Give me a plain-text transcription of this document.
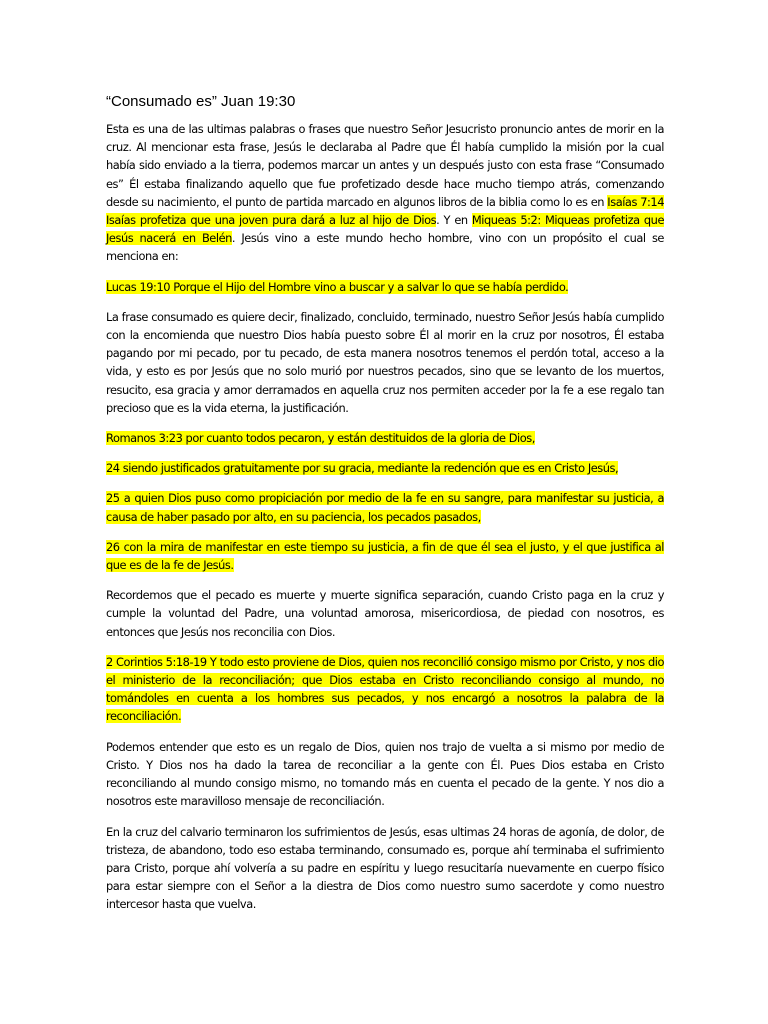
“Consumado es” Juan 19:30

Esta es una de las ultimas palabras o frases que nuestro Señor Jesucristo pronuncio antes de morir en la cruz. Al mencionar esta frase, Jesús le declaraba al Padre que Él había cumplido la misión por la cual había sido enviado a la tierra, podemos marcar un antes y un después justo con esta frase “Consumado es” Él estaba finalizando aquello que fue profetizado desde hace mucho tiempo atrás, comenzando desde su nacimiento, el punto de partida marcado en algunos libros de la biblia como lo es en Isaías 7:14 Isaías profetiza que una joven pura dará a luz al hijo de Dios. Y en Miqueas 5:2: Miqueas profetiza que Jesús nacerá en Belén. Jesús vino a este mundo hecho hombre, vino con un propósito el cual se menciona en:

Lucas 19:10 Porque el Hijo del Hombre vino a buscar y a salvar lo que se había perdido.

La frase consumado es quiere decir, finalizado, concluido, terminado, nuestro Señor Jesús había cumplido con la encomienda que nuestro Dios había puesto sobre Él al morir en la cruz por nosotros, Él estaba pagando por mi pecado, por tu pecado, de esta manera nosotros tenemos el perdón total, acceso a la vida, y esto es por Jesús que no solo murió por nuestros pecados, sino que se levanto de los muertos, resucito, esa gracia y amor derramados en aquella cruz nos permiten acceder por la fe a ese regalo tan precioso que es la vida eterna, la justificación.

Romanos 3:23 por cuanto todos pecaron, y están destituidos de la gloria de Dios,

24 siendo justificados gratuitamente por su gracia, mediante la redención que es en Cristo Jesús,

25 a quien Dios puso como propiciación por medio de la fe en su sangre, para manifestar su justicia, a causa de haber pasado por alto, en su paciencia, los pecados pasados,

26 con la mira de manifestar en este tiempo su justicia, a fin de que él sea el justo, y el que justifica al que es de la fe de Jesús.

Recordemos que el pecado es muerte y muerte significa separación, cuando Cristo paga en la cruz y cumple la voluntad del Padre, una voluntad amorosa, misericordiosa, de piedad con nosotros, es entonces que Jesús nos reconcilia con Dios.

2 Corintios 5:18-19 Y todo esto proviene de Dios, quien nos reconcilió consigo mismo por Cristo, y nos dio el ministerio de la reconciliación; que Dios estaba en Cristo reconciliando consigo al mundo, no tomándoles en cuenta a los hombres sus pecados, y nos encargó a nosotros la palabra de la reconciliación.

Podemos entender que esto es un regalo de Dios, quien nos trajo de vuelta a si mismo por medio de Cristo. Y Dios nos ha dado la tarea de reconciliar a la gente con Él. Pues Dios estaba en Cristo reconciliando al mundo consigo mismo, no tomando más en cuenta el pecado de la gente. Y nos dio a nosotros este maravilloso mensaje de reconciliación.

En la cruz del calvario terminaron los sufrimientos de Jesús, esas ultimas 24 horas de agonía, de dolor, de tristeza, de abandono, todo eso estaba terminando, consumado es, porque ahí terminaba el sufrimiento para Cristo, porque ahí volvería a su padre en espíritu y luego resucitaría nuevamente en cuerpo físico para estar siempre con el Señor a la diestra de Dios como nuestro sumo sacerdote y como nuestro intercesor hasta que vuelva.
